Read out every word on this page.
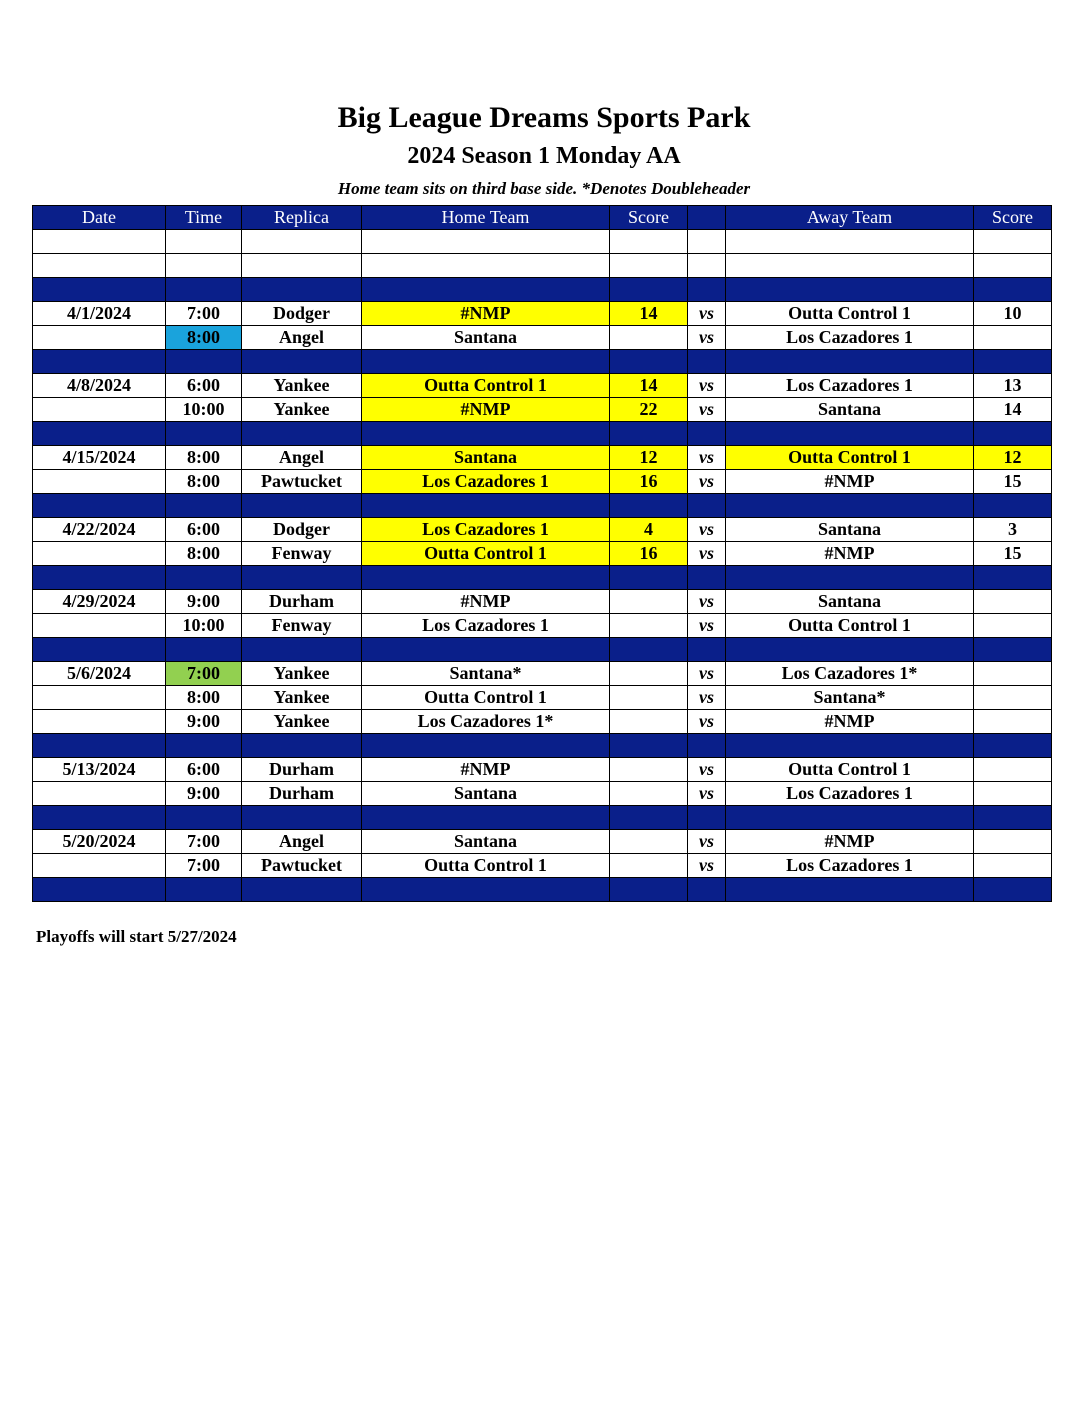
Big League Dreams Sports Park
2024 Season 1 Monday AA
Home team sits on third base side. *Denotes Doubleheader
Date	Time	Replica	Home Team	Score		Away Team	Score

4/1/2024	7:00	Dodger	#NMP	14	vs	Outta Control 1	10
	8:00	Angel	Santana		vs	Los Cazadores 1	

4/8/2024	6:00	Yankee	Outta Control 1	14	vs	Los Cazadores 1	13
	10:00	Yankee	#NMP	22	vs	Santana	14

4/15/2024	8:00	Angel	Santana	12	vs	Outta Control 1	12
	8:00	Pawtucket	Los Cazadores 1	16	vs	#NMP	15

4/22/2024	6:00	Dodger	Los Cazadores 1	4	vs	Santana	3
	8:00	Fenway	Outta Control 1	16	vs	#NMP	15

4/29/2024	9:00	Durham	#NMP		vs	Santana	
	10:00	Fenway	Los Cazadores 1		vs	Outta Control 1	

5/6/2024	7:00	Yankee	Santana*		vs	Los Cazadores 1*	
	8:00	Yankee	Outta Control 1		vs	Santana*	
	9:00	Yankee	Los Cazadores 1*		vs	#NMP	

5/13/2024	6:00	Durham	#NMP		vs	Outta Control 1	
	9:00	Durham	Santana		vs	Los Cazadores 1	

5/20/2024	7:00	Angel	Santana		vs	#NMP	
	7:00	Pawtucket	Outta Control 1		vs	Los Cazadores 1	

Playoffs will start 5/27/2024
